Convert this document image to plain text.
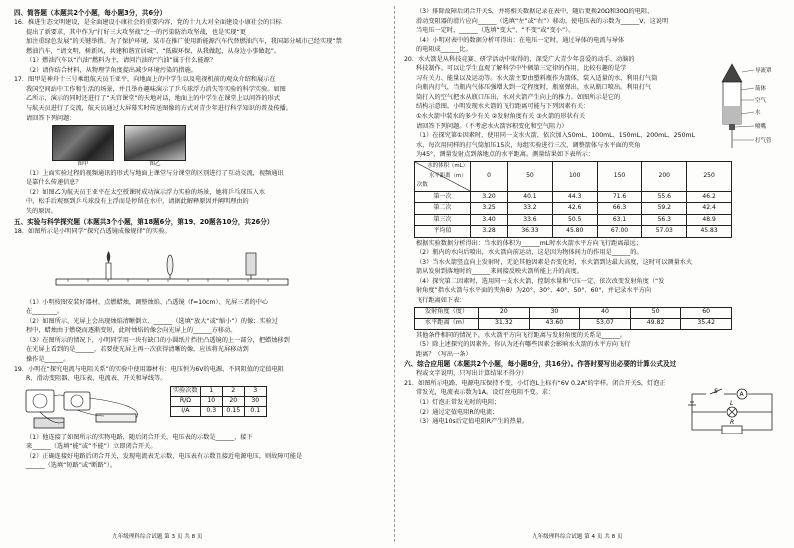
四、简答题（本题共2个小题，每小题3分，共6分）
16．推进生态文明建设，是全面建设小康社会的重要内容，党的十九大对全面建设小康社会的目标
提出了新要求，其中作为“打好三大攻坚战”之一的污染防治攻坚战，也是实现“更
加注重绿色发展”的关键举措。为了保护环境，某市在推广使用新能源汽车代替燃油汽车，我国部分城市己经实现“禁
燃油汽车，“请文明，树新风，共建和谐宜居城”、“低碳环保，从我做起，从身边小事做起”。
（1）燃油汽车以“汽油”燃料为主，请问汽油的“汽油”属于什么能源？
（2）请你结合材料，从物理学角度提出减少环境污染的措施。
17．图甲是神舟十三号乘组航天员王亚平，向地面上的中学生以及电视机前的观众介绍和展示在
我国空间站中工作和生活的场景，并且举办趣味演示了乒乓球浮力消失等实验的科学实验。如图
乙所示，演示的同时还进行了“天宫课堂”的天地对话，地面上的中学生在课堂上以问答的形式
与航天员进行了交流，航天员通过大屏幕实时传送图像的方式对青少年进行科学知识的普及传播。
请回答下列问题：
图甲	图乙
（1）上面实验过程的视频通讯的形式与地面上课堂与分课堂的区别进行了互动交流，视频通讯
是靠什么传递信息？
（2）如图乙为航天员王亚平在太空授课时成功演示浮力实验的场景，她将乒乓球压入水
中，松手后观察到乒乓球没有上浮而是停留在水中，请据此解释原因并阐明理由的
失的原因。
五、实验与科学探究题（本题共3个小题，第18题6分，第19、20题各10分，共26分）
18．如图所示是小明同学“探究凸透镜成像规律”的实验。
（1）小明按图安装好器材，点燃蜡烛，调整烛焰、凸透镜（f=10cm）、光屏三者的中心
在________。
（2）如图所示，光屏上会出现烛焰清晰倒立、______（选填“放大”或“缩小”）的像；实验过
程中，蜡烛由于燃烧而逐渐变短，此时烛焰的像会向光屏上的______方移动。
（3）在图所示的情况下，小明同学用一块有缺口的小圆纸片挡住凸透镜的上一部分，把蜡烛移到
在光屏上看到的是______，若要使光屏上再一次获得清晰的像，应该将光屏移动到
操作是______。
19．小明在“探究电流与电阻关系”的实验中使用器材有：电压恒为6V的电源、不同阻值的定值电阻
R、滑动变阻器、电压表、电流表、开关和导线等。
实验次数	1	2	3
R/Ω	10	20	30
I/A	0.3	0.15	0.1
（1）他连接了如图所示的实物电路，随后闭合开关，电压表的示数是______，接下
来______（选填“能”或“不能”）立即闭合开关。
（2）正确连接好电路后闭合开关，发现电流表无示数，电压表有示数且接近电源电压，则故障可能是
______（选填“短路”或“断路”）。
（3）排除故障后闭合开关S，并将相关数据记录在表中，随后更换20Ω和30Ω的电阻，
滑动变阻器的滑片应向______（选填“左”或“右”）移动，使电压表的示数为______V，这说明
当电压一定时，______（选填“变大”、“不变”或“变小”）。
（4）小明对表中的数据分析可得出：在电压一定时，通过导体的电流与导体
的电阻成______比。
20．水火箭是从科技竞赛、研学活动中取得的，深受广大青少年喜爱的动手、动脑的
科技制作。可以让学生直观了解科学中牛顿第三定律的作用，比较有趣的是学
习有关力、能量以及运动等。水火箭主要由塑料瓶作为箭体，装入适量的水，利用打气筒
向瓶内打气，当瓶内气体压强增大到一定程度时，瓶塞弹出，水从瓶口喷出。利用打气
筒打入的空气把水从瓶口压出，水对火箭产生向上的推力。如图所示是它的
结构示意图。小明发现水火箭的飞行距离可能与下列因素有关：
①水火箭中装水的多少有关 ②发射角度有关 ③火箭的形状有关
请回答下列问题。（不考虑水火箭容积变化和空气阻力）
导流罩
箭体
空气
水
喷嘴
打气管
（1）在探究第①因素时，使用同一支水火箭，依次加入50mL、100mL、150mL、200mL、250mL
水，每次用同样的打气筒加压15次，每组实验进行三次，调整箭体与水平面的夹角
为45°，测量发射点到落地点的水平距离。测量结果如下表所示：
水的体积（mL）
水平距离（m）
次数	0	50	100	150	200	250
第一次	3.20	40.1	44.3	71.6	55.6	46.2
第二次	3.25	33.2	42.6	66.3	59.2	42.4
第三次	3.40	33.6	50.5	63.1	56.3	48.9
平均值	3.28	36.33	45.80	67.00	57.03	45.83
根据实验数据分析得出：当水的体积为______mL时水火箭水平方向飞行距离最远；
（2）瓶内的水向后喷出，水火箭向前运动，这是因为物体间力的作用是______的。
（3）当水火箭竖直向上发射时，无论其他因素是否变化时，水火箭到达最大高度，这时可以测量水火
箭从发射到落地时的______来间接反映火箭所能上升的高度。
（4）探究第二因素时，选用同一支水火箭，控制水量和气压一定，依次改变发射角度（“发
射角度”指水火箭与水平面的夹角θ）为20°、30°、40°、50°、60°，并记录水平方向
飞行距离如下表：
发射角度（度）	20	30	40	50	60
水平距离（m）	31.32	43.60	53.07	49.82	35.42
其他条件相同的情况下，水火箭平方向飞行距离与发射角度的关系是______。
（5）除上述探究的因素外，你认为还有哪些因素会影响水火箭的水平方向飞行
距离？（写出一条）
六、综合应用题（本题共2个小题，每小题8分，共16分）。作答时要写出必要的计算公式及过
程或文字说明，只写出计算结果不得分）
21．如图所示电路，电源电压保持不变，小灯泡L上标有“6V 0.2A”的字样。闭合开关S，灯泡正
常发光，电流表示数为1A。设灯丝电阻不变。求：
（1）灯泡正常发光时的电阻；
（2）通过定值电阻R的电流；
（3）通电10s后定值电阻R产生的热量。
S	A
L
R
九年级理科综合试题 第 3 页 共 8 页	九年级理科综合试题 第 4 页 共 8 页
